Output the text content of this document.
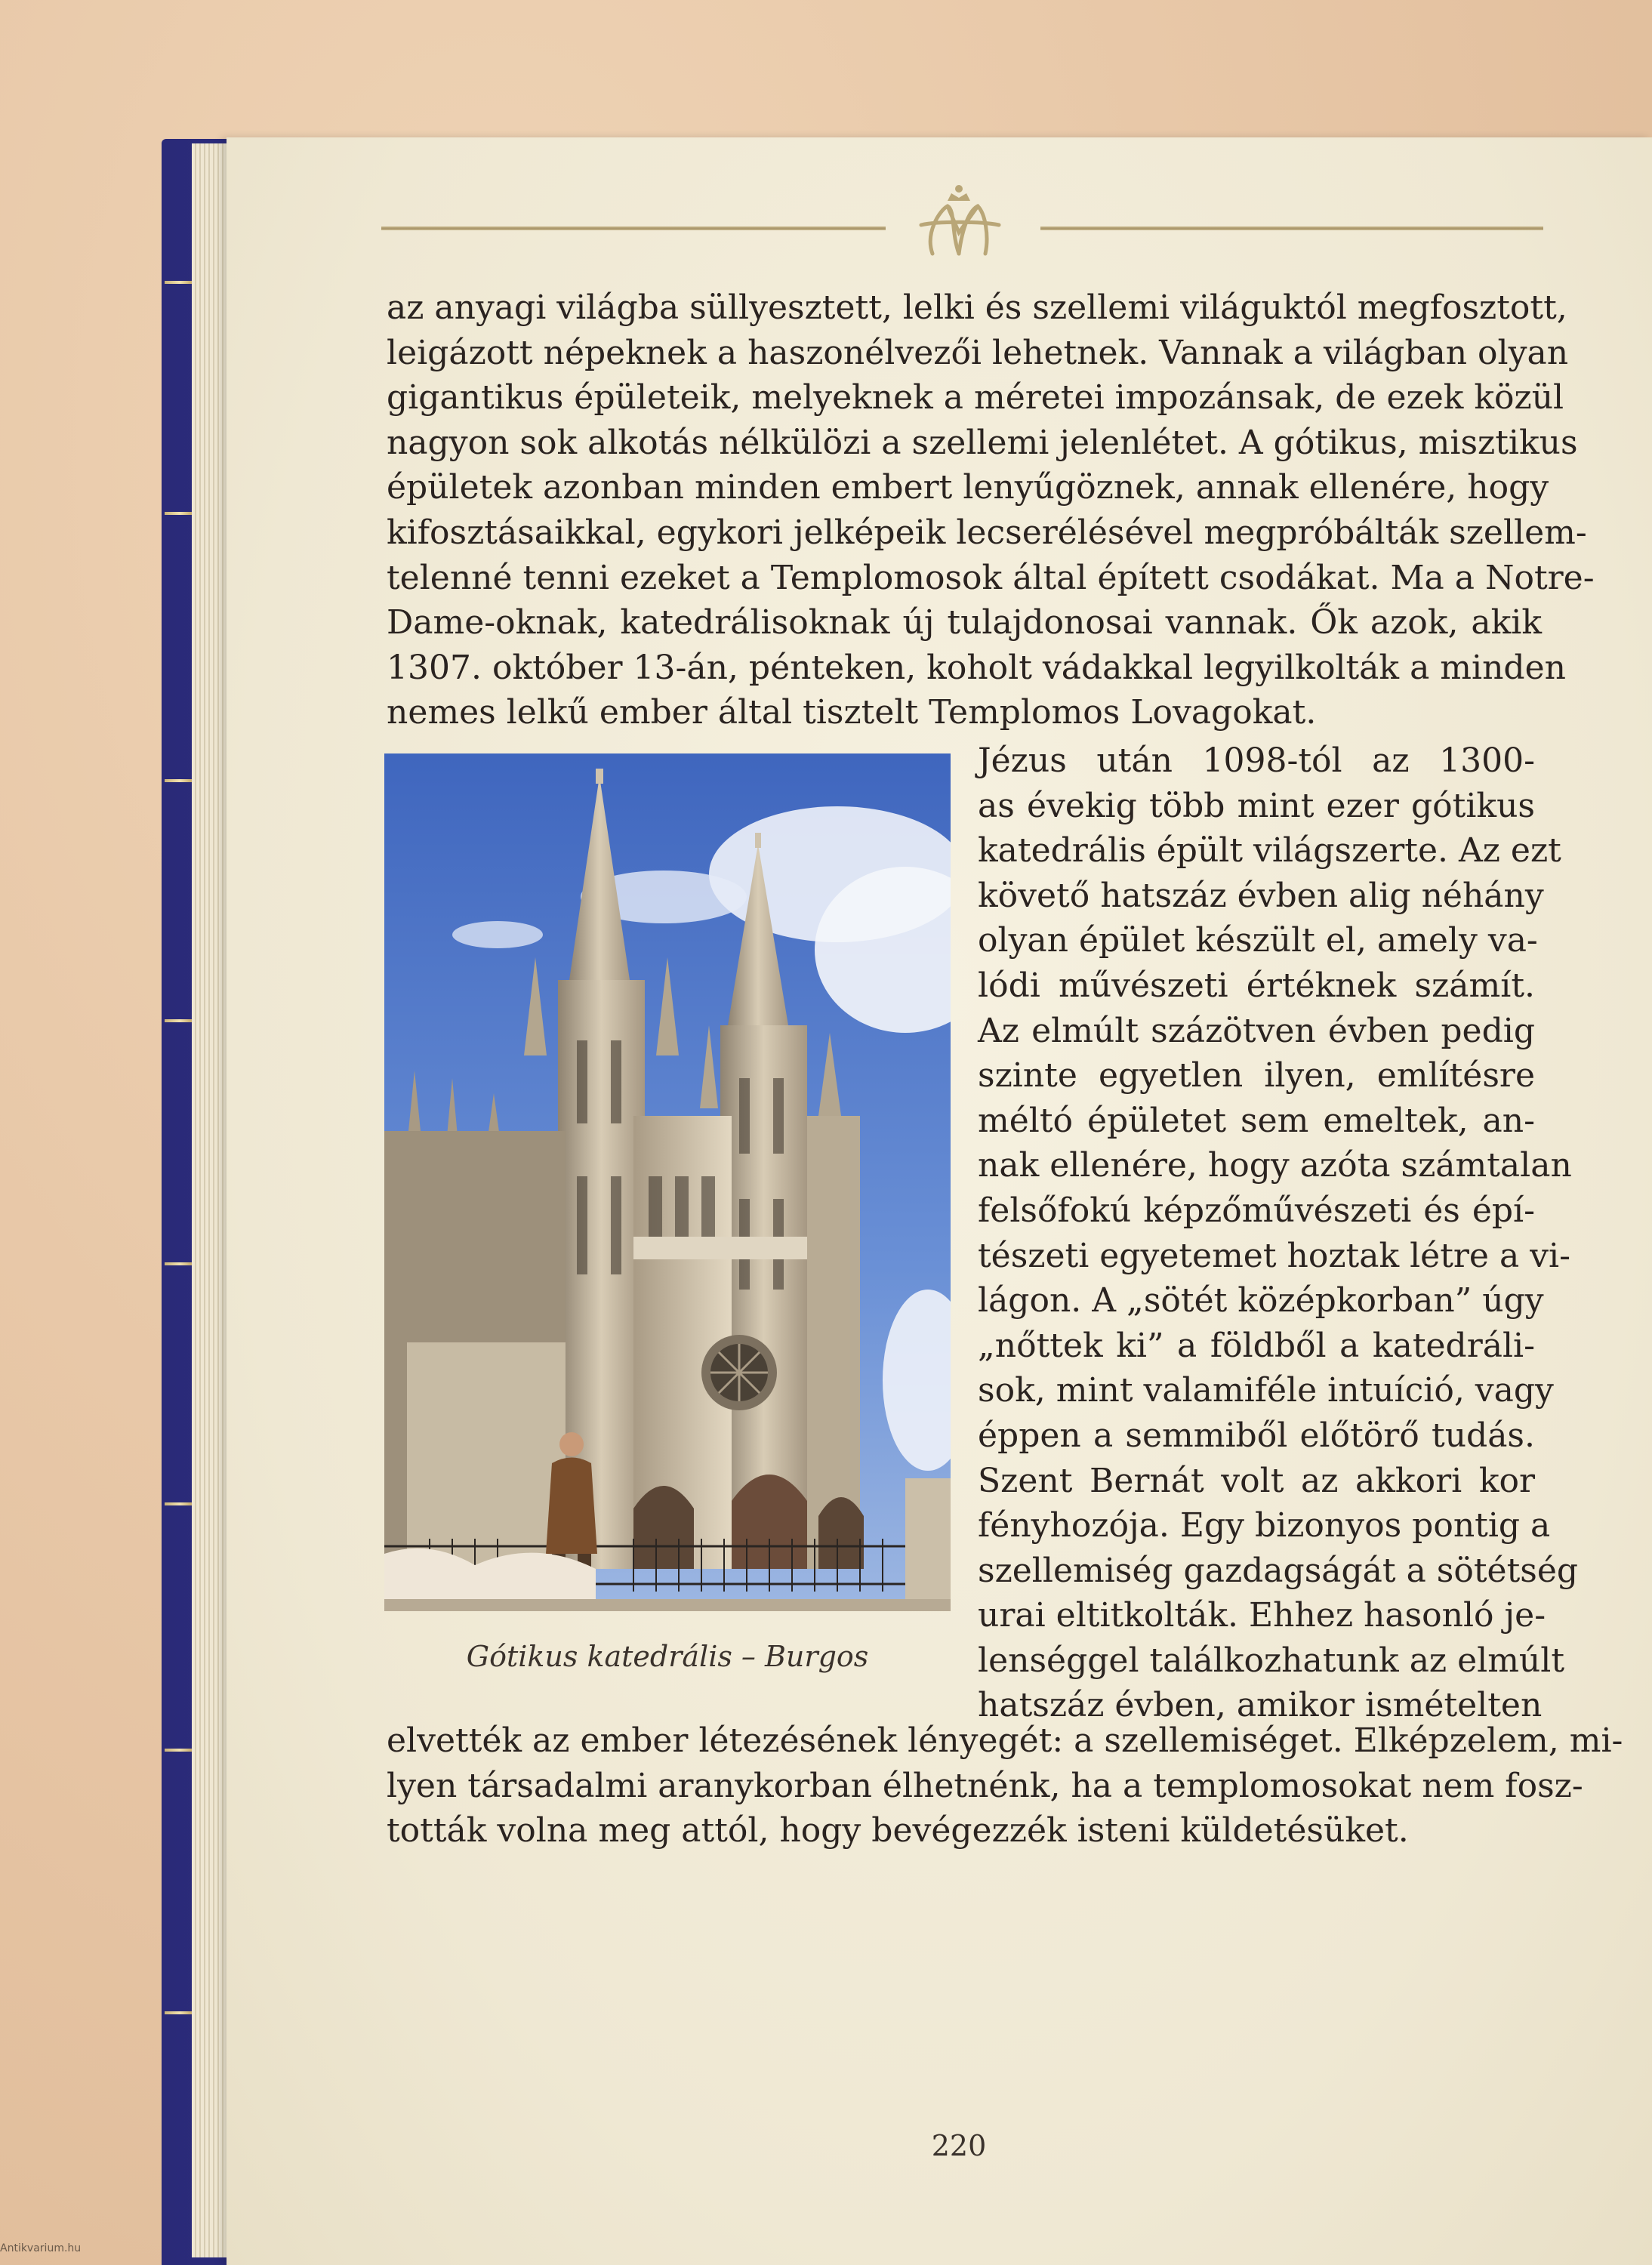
az anyagi világba süllyesztett, lelki és szellemi világuktól megfosztott,
leigázott népeknek a haszonélvezői lehetnek. Vannak a világban olyan
gigantikus épületeik, melyeknek a méretei impozánsak, de ezek közül
nagyon sok alkotás nélkülözi a szellemi jelenlétet. A gótikus, misztikus
épületek azonban minden embert lenyűgöznek, annak ellenére, hogy
kifosztásaikkal, egykori jelképeik lecserélésével megpróbálták szellem-
telenné tenni ezeket a Templomosok által épített csodákat. Ma a Notre-
Dame-oknak, katedrálisoknak új tulajdonosai vannak. Ők azok, akik
1307. október 13-án, pénteken, koholt vádakkal legyilkolták a minden
nemes lelkű ember által tisztelt Templomos Lovagokat.
Gótikus katedrális – Burgos
Jézus után 1098-tól az 1300-
as évekig több mint ezer gótikus
katedrális épült világszerte. Az ezt
követő hatszáz évben alig néhány
olyan épület készült el, amely va-
lódi művészeti értéknek számít.
Az elmúlt százötven évben pedig
szinte egyetlen ilyen, említésre
méltó épületet sem emeltek, an-
nak ellenére, hogy azóta számtalan
felsőfokú képzőművészeti és épí-
tészeti egyetemet hoztak létre a vi-
lágon. A „sötét középkorban” úgy
„nőttek ki” a földből a katedráli-
sok, mint valamiféle intuíció, vagy
éppen a semmiből előtörő tudás.
Szent Bernát volt az akkori kor
fényhozója. Egy bizonyos pontig a
szellemiség gazdagságát a sötétség
urai eltitkolták. Ehhez hasonló je-
lenséggel találkozhatunk az elmúlt
hatszáz évben, amikor ismételten
elvették az ember létezésének lényegét: a szellemiséget. Elképzelem, mi-
lyen társadalmi aranykorban élhetnénk, ha a templomosokat nem fosz-
tották volna meg attól, hogy bevégezzék isteni küldetésüket.
220
Antikvarium.hu
